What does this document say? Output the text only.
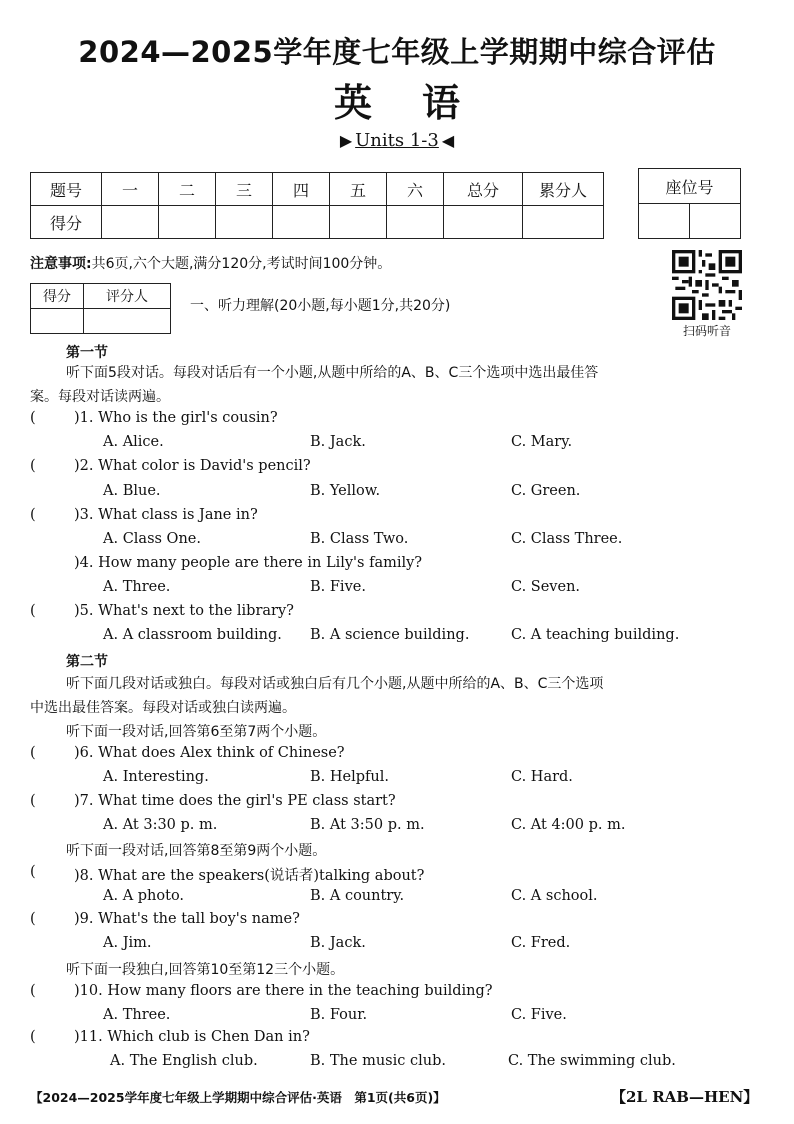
2024—2025学年度七年级上学期期中综合评估
英语
▶ Units 1-3 ◀
题号	一	二	三	四	五	六	总分	累分人
得分								
座位号

注意事项:共6页,六个大题,满分120分,考试时间100分钟。
扫码听音
得分	评分人

一、听力理解(20小题,每小题1分,共20分)
第一节
听下面5段对话。每段对话后有一个小题,从题中所给的A、B、C三个选项中选出最佳答
案。每段对话读两遍。
(	)1. Who is the girl's cousin?
A. Alice.	B. Jack.	C. Mary.
(	)2. What color is David's pencil?
A. Blue.	B. Yellow.	C. Green.
(	)3. What class is Jane in?
A. Class One.	B. Class Two.	C. Class Three.
)4. How many people are there in Lily's family?
A. Three.	B. Five.	C. Seven.
(	)5. What's next to the library?
A. A classroom building. B. A science building.	C. A teaching building.
第二节
听下面几段对话或独白。每段对话或独白后有几个小题,从题中所给的A、B、C三个选项
中选出最佳答案。每段对话或独白读两遍。
听下面一段对话,回答第6至第7两个小题。
(	)6. What does Alex think of Chinese?
A. Interesting.	B. Helpful.	C. Hard.
(	)7. What time does the girl's PE class start?
A. At 3:30 p. m.	B. At 3:50 p. m.	C. At 4:00 p. m.
听下面一段对话,回答第8至第9两个小题。
(	)8. What are the speakers(说话者)talking about?
A. A photo.	B. A country.	C. A school.
(	)9. What's the tall boy's name?
A. Jim.	B. Jack.	C. Fred.
听下面一段独白,回答第10至第12三个小题。
(	)10. How many floors are there in the teaching building?
A. Three.	B. Four.	C. Five.
(	)11. Which club is Chen Dan in?
A. The English club.	B. The music club.	C. The swimming club.
【2024—2025学年度七年级上学期期中综合评估·英语　第1页(共6页)】	【2L RAB—HEN】
